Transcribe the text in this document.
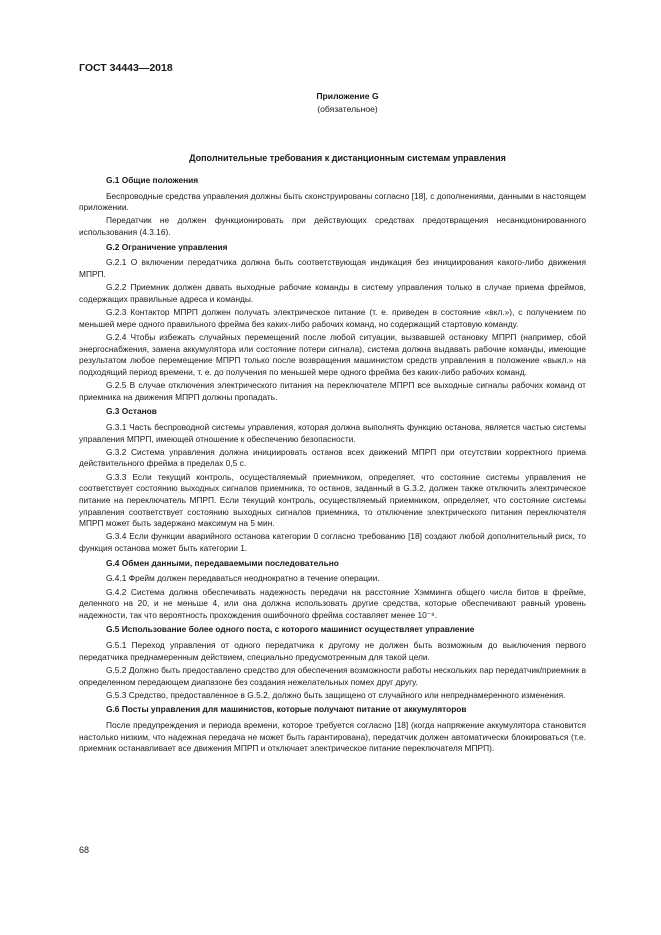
ГОСТ 34443—2018
Приложение G
(обязательное)
Дополнительные требования к дистанционным системам управления
G.1 Общие положения
Беспроводные средства управления должны быть сконструированы согласно [18], с дополнениями, данными в настоящем приложении.
Передатчик не должен функционировать при действующих средствах предотвращения несанкционированного использования (4.3.16).
G.2 Ограничение управления
G.2.1 О включении передатчика должна быть соответствующая индикация без инициирования какого-либо движения МПРП.
G.2.2 Приемник должен давать выходные рабочие команды в систему управления только в случае приема фреймов, содержащих правильные адреса и команды.
G.2.3 Контактор МПРП должен получать электрическое питание (т. е. приведен в состояние «вкл.»), с получением по меньшей мере одного правильного фрейма без каких-либо рабочих команд, но содержащий стартовую команду.
G.2.4 Чтобы избежать случайных перемещений после любой ситуации, вызвавшей остановку МПРП (например, сбой энергоснабжения, замена аккумулятора или состояние потери сигнала), система должна выдавать рабочие команды, имеющие результатом любое перемещение МПРП только после возвращения машинистом средств управления в положение «выкл.» на подходящий период времени, т. е. до получения по меньшей мере одного фрейма без каких-либо рабочих команд.
G.2.5 В случае отключения электрического питания на переключателе МПРП все выходные сигналы рабочих команд от приемника на движения МПРП должны пропадать.
G.3 Останов
G.3.1 Часть беспроводной системы управления, которая должна выполнять функцию останова, является частью системы управления МПРП, имеющей отношение к обеспечению безопасности.
G.3.2 Система управления должна инициировать останов всех движений МПРП при отсутствии корректного приема действительного фрейма в пределах 0,5 с.
G.3.3 Если текущий контроль, осуществляемый приемником, определяет, что состояние системы управления не соответствует состоянию выходных сигналов приемника, то останов, заданный в G.3.2, должен также отключить электрическое питание на переключатель МПРП. Если текущий контроль, осуществляемый приемником, определяет, что состояние системы управления соответствует состоянию выходных сигналов приемника, то отключение электрического питания переключателя МПРП может быть задержано максимум на 5 мин.
G.3.4 Если функции аварийного останова категории 0 согласно требованию [18] создают любой дополнительный риск, то функция останова может быть категории 1.
G.4 Обмен данными, передаваемыми последовательно
G.4.1 Фрейм должен передаваться неоднократно в течение операции.
G.4.2 Система должна обеспечивать надежность передачи на расстояние Хэмминга общего числа битов в фрейме, деленного на 20, и не меньше 4, или она должна использовать другие средства, которые обеспечивают равный уровень надежности, так что вероятность прохождения ошибочного фрейма составляет менее 10⁻⁸.
G.5 Использование более одного поста, с которого машинист осуществляет управление
G.5.1 Переход управления от одного передатчика к другому не должен быть возможным до выключения первого передатчика преднамеренным действием, специально предусмотренным для такой цели.
G.5.2 Должно быть предоставлено средство для обеспечения возможности работы нескольких пар передатчик/приемник в определенном передающем диапазоне без создания нежелательных помех друг другу.
G.5.3 Средство, предоставленное в G.5.2, должно быть защищено от случайного или непреднамеренного изменения.
G.6 Посты управления для машинистов, которые получают питание от аккумуляторов
После предупреждения и периода времени, которое требуется согласно [18] (когда напряжение аккумулятора становится настолько низким, что надежная передача не может быть гарантирована), передатчик должен автоматически блокироваться (т.е. приемник останавливает все движения МПРП и отключает электрическое питание переключателя МПРП).
68
